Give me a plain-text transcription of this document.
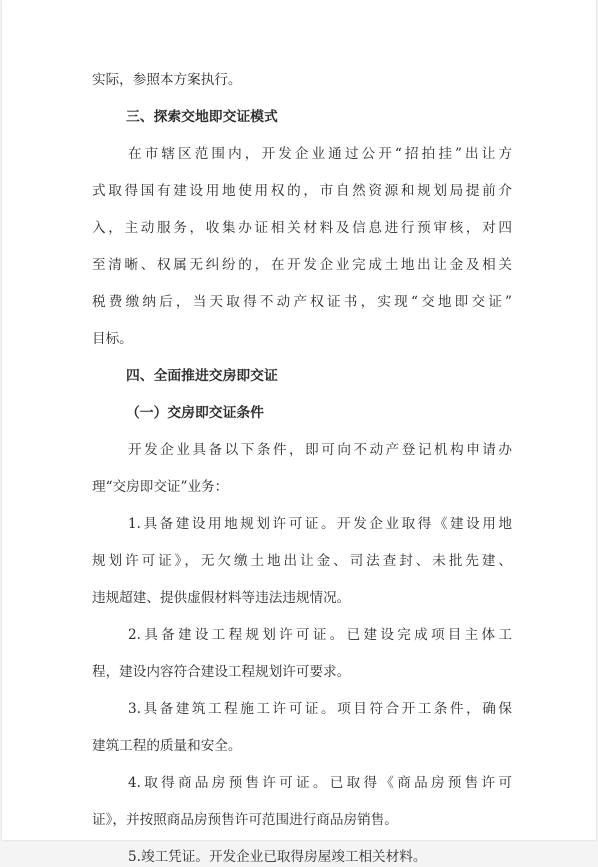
实际，参照本方案执行。
三、探索交地即交证模式
在市辖区范围内，开发企业通过公开“招拍挂”出让方
式取得国有建设用地使用权的，市自然资源和规划局提前介
入，主动服务，收集办证相关材料及信息进行预审核，对四
至清晰、权属无纠纷的，在开发企业完成土地出让金及相关
税费缴纳后，当天取得不动产权证书，实现“交地即交证”
目标。
四、全面推进交房即交证
（一）交房即交证条件
开发企业具备以下条件，即可向不动产登记机构申请办
理“交房即交证”业务：
1.具备建设用地规划许可证。开发企业取得《建设用地
规划许可证》，无欠缴土地出让金、司法查封、未批先建、
违规超建、提供虚假材料等违法违规情况。
2.具备建设工程规划许可证。已建设完成项目主体工
程，建设内容符合建设工程规划许可要求。
3.具备建筑工程施工许可证。项目符合开工条件，确保
建筑工程的质量和安全。
4.取得商品房预售许可证。已取得《商品房预售许可
证》，并按照商品房预售许可范围进行商品房销售。
5.竣工凭证。开发企业已取得房屋竣工相关材料。
